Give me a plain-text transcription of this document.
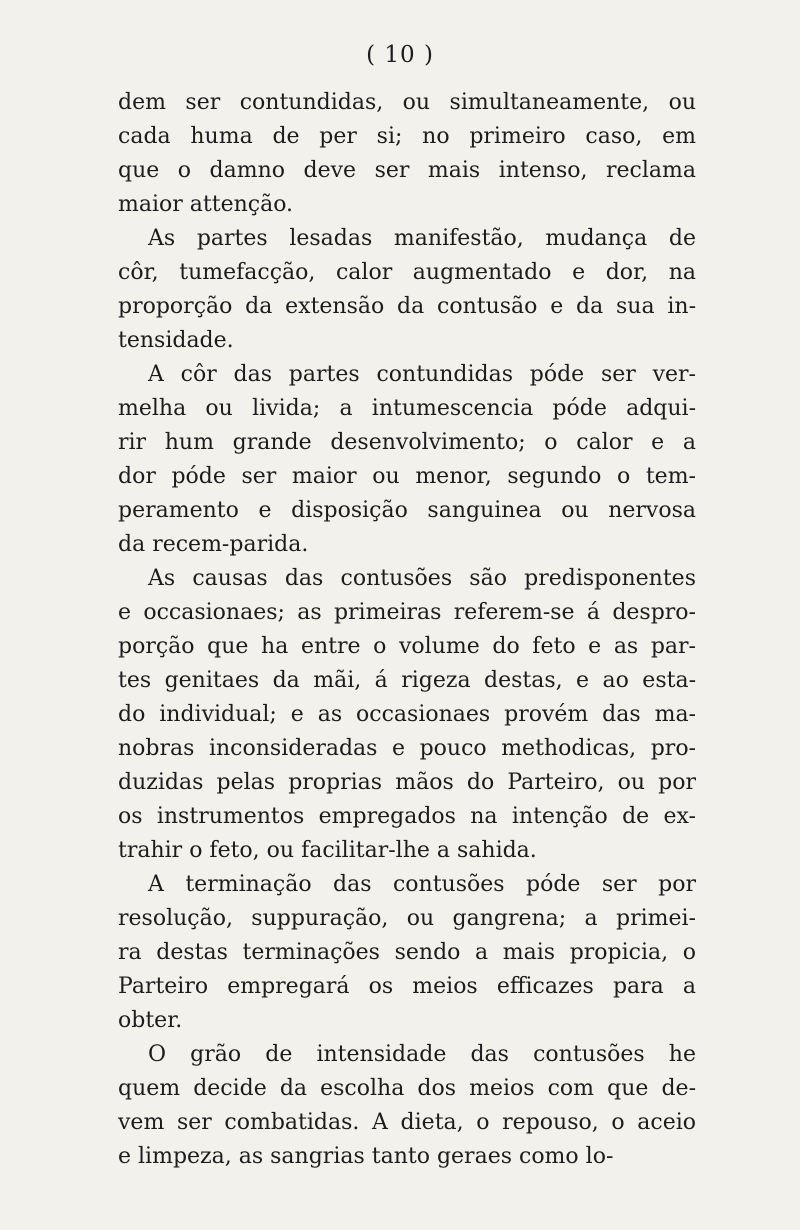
( 10 )
dem ser contundidas, ou simultaneamente, ou
cada huma de per si; no primeiro caso, em
que o damno deve ser mais intenso, reclama
maior attenção.
As partes lesadas manifestão, mudança de
côr, tumefacção, calor augmentado e dor, na
proporção da extensão da contusão e da sua in-
tensidade.
A côr das partes contundidas póde ser ver-
melha ou livida; a intumescencia póde adqui-
rir hum grande desenvolvimento; o calor e a
dor póde ser maior ou menor, segundo o tem-
peramento e disposição sanguinea ou nervosa
da recem-parida.
As causas das contusões são predisponentes
e occasionaes; as primeiras referem-se á despro-
porção que ha entre o volume do feto e as par-
tes genitaes da mãi, á rigeza destas, e ao esta-
do individual; e as occasionaes provém das ma-
nobras inconsideradas e pouco methodicas, pro-
duzidas pelas proprias mãos do Parteiro, ou por
os instrumentos empregados na intenção de ex-
trahir o feto, ou facilitar-lhe a sahida.
A terminação das contusões póde ser por
resolução, suppuração, ou gangrena; a primei-
ra destas terminações sendo a mais propicia, o
Parteiro empregará os meios efficazes para a
obter.
O grão de intensidade das contusões he
quem decide da escolha dos meios com que de-
vem ser combatidas. A dieta, o repouso, o aceio
e limpeza, as sangrias tanto geraes como lo-
